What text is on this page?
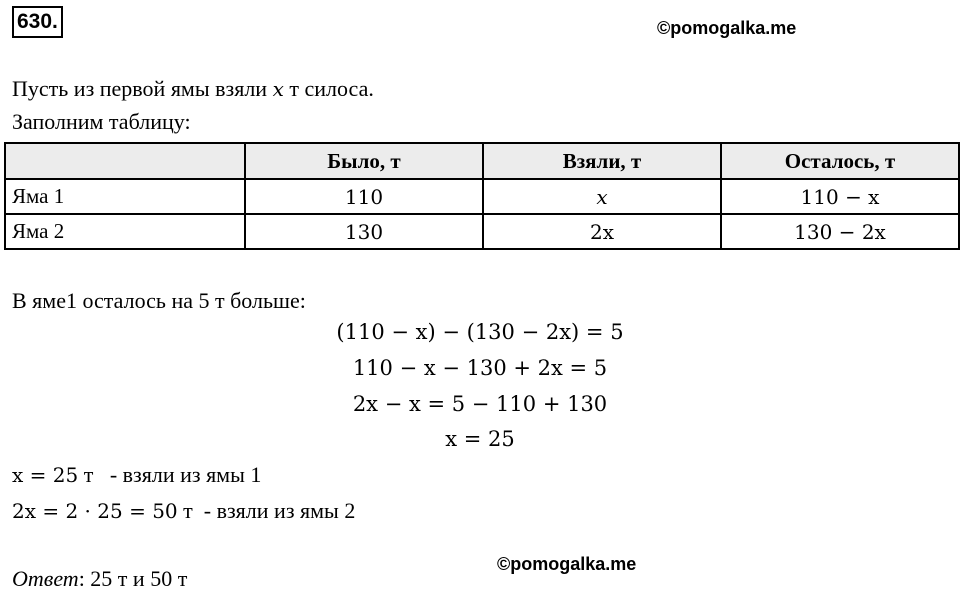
630.	©pomogalka.me
Пусть из первой ямы взяли x т силоса.
Заполним таблицу:
	Было, т	Взяли, т	Осталось, т
Яма 1	110	x	110 − x
Яма 2	130	2x	130 − 2x
В яме1 осталось на 5 т больше:
(110 − x) − (130 − 2x) = 5
110 − x − 130 + 2x = 5
2x − x = 5 − 110 + 130
x = 25
x = 25 т - взяли из ямы 1
2x = 2 · 25 = 50 т - взяли из ямы 2
©pomogalka.me
Ответ: 25 т и 50 т
